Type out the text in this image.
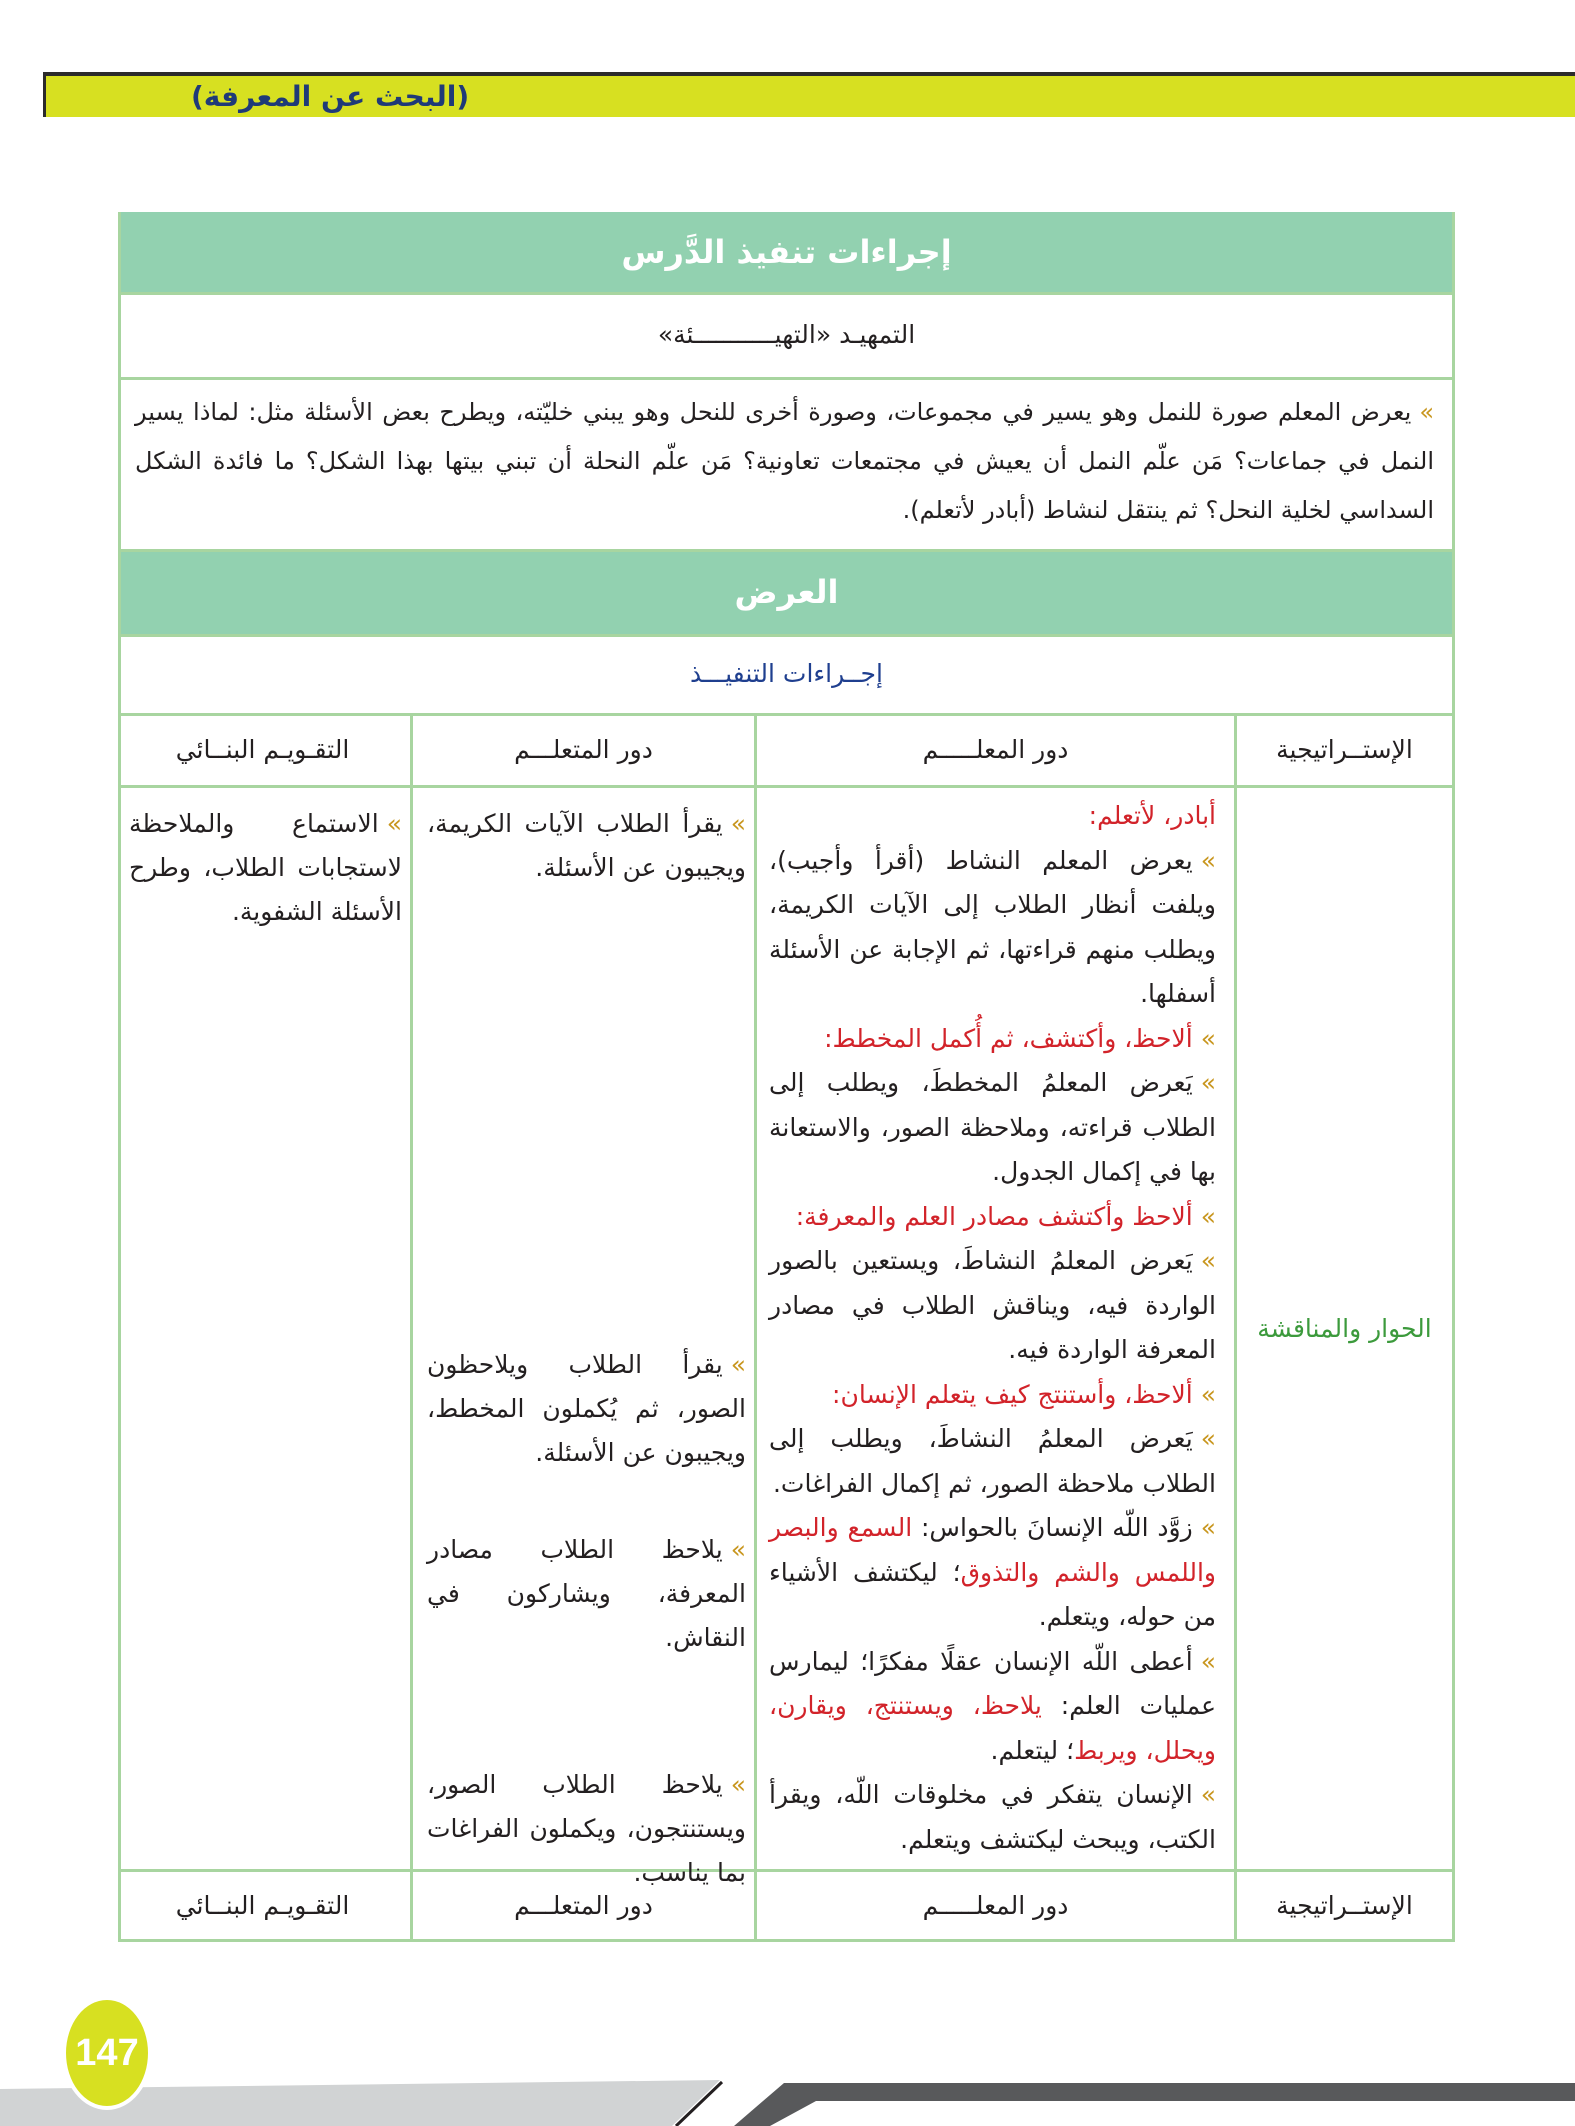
(البحث عن المعرفة)
إجراءات تنفيذ الدَّرس
التمهيـد «التهيـــــــــــئة»
»يعرض المعلم صورة للنمل وهو يسير في مجموعات، وصورة أخرى للنحل وهو يبني خليّته، ويطرح بعض الأسئلة مثل: لماذا يسير النمل في جماعات؟ مَن علّم النمل أن يعيش في مجتمعات تعاونية؟ مَن علّم النحلة أن تبني بيتها بهذا الشكل؟ ما فائدة الشكل السداسي لخلية النحل؟ ثم ينتقل لنشاط (أبادر لأتعلم).
العرض
إجــراءات التنفيـــذ
الإستــراتيجية
دور المعلـــــم
دور المتعلـــم
التقـويـم البنــائي
الحوار والمناقشة

أبادر، لأتعلم:

»يعرض المعلم النشاط (أقرأ وأجيب)، ويلفت أنظار الطلاب إلى الآيات الكريمة، ويطلب منهم قراءتها، ثم الإجابة عن الأسئلة أسفلها.

»ألاحظ، وأكتشف، ثم أُكمل المخطط:

»يَعرض المعلمُ المخططَ، ويطلب إلى الطلاب قراءته، وملاحظة الصور، والاستعانة بها في إكمال الجدول.

»ألاحظ وأكتشف مصادر العلم والمعرفة:

»يَعرض المعلمُ النشاطَ، ويستعين بالصور الواردة فيه، ويناقش الطلاب في مصادر المعرفة الواردة فيه.

»ألاحظ، وأستنتج كيف يتعلم الإنسان:

»يَعرض المعلمُ النشاطَ، ويطلب إلى الطلاب ملاحظة الصور، ثم إكمال الفراغات.

»زوَّد اللّه الإنسانَ بالحواس: السمع والبصر واللمس والشم والتذوق؛ ليكتشف الأشياء من حوله، ويتعلم.

»أعطى اللّه الإنسان عقلًا مفكرًا؛ ليمارس عمليات العلم: يلاحظ، ويستنتج، ويقارن، ويحلل، ويربط؛ ليتعلم.

»الإنسان يتفكر في مخلوقات اللّه، ويقرأ الكتب، ويبحث ليكتشف ويتعلم.

»يقرأ الطلاب الآيات الكريمة، ويجيبون عن الأسئلة.
»يقرأ الطلاب ويلاحظون الصور، ثم يُكملون المخطط، ويجيبون عن الأسئلة.
»يلاحظ الطلاب مصادر المعرفة، ويشاركون في النقاش.
»يلاحظ الطلاب الصور، ويستنتجون، ويكملون الفراغات بما يناسب.
»الاستماع والملاحظة لاستجابات الطلاب، وطرح الأسئلة الشفوية.
الإستــراتيجية
دور المعلـــــم
دور المتعلـــم
التقـويـم البنــائي
147
